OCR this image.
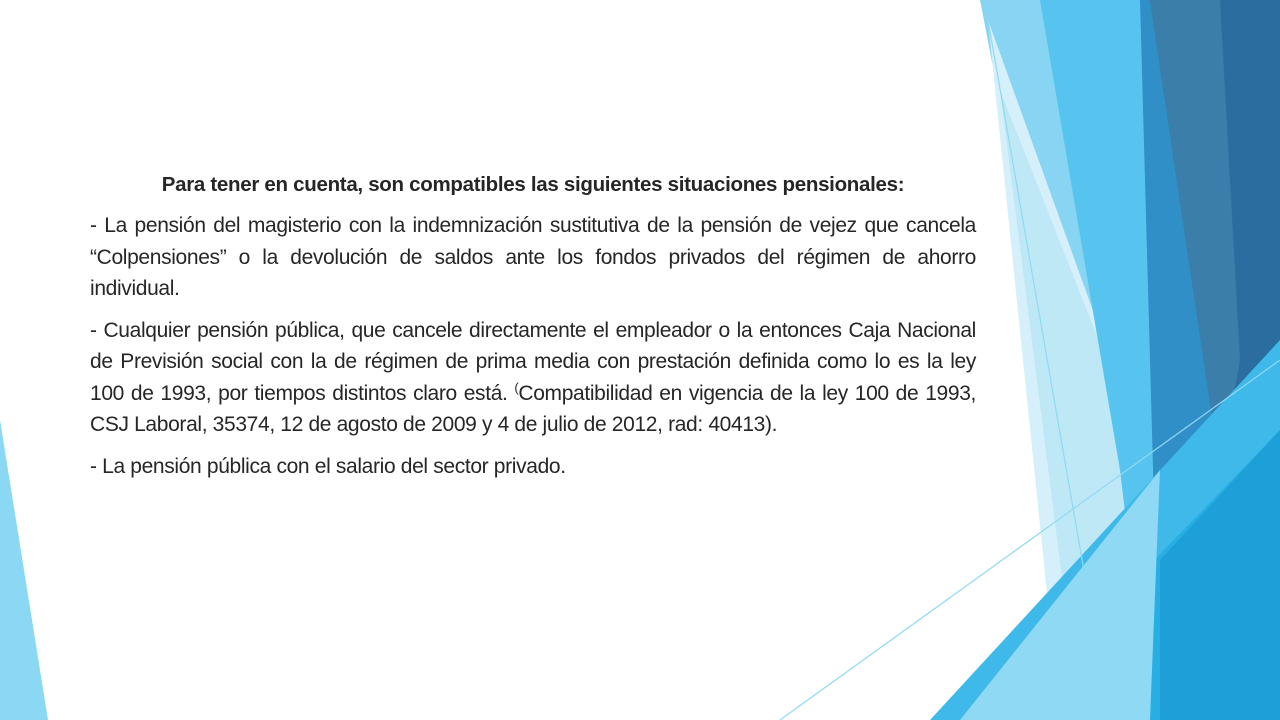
Para tener en cuenta, son compatibles las siguientes situaciones pensionales:

- La pensión del magisterio con la indemnización sustitutiva de la pensión de vejez que cancela “Colpensiones” o la devolución de saldos ante los fondos privados del régimen de ahorro individual.

- Cualquier pensión pública, que cancele directamente el empleador o la entonces Caja Nacional de Previsión social con la de régimen de prima media con prestación definida como lo es la ley 100 de 1993, por tiempos distintos claro está. (Compatibilidad en vigencia de la ley 100 de 1993, CSJ Laboral, 35374, 12 de agosto de 2009 y 4 de julio de 2012, rad: 40413).

- La pensión pública con el salario del sector privado.
